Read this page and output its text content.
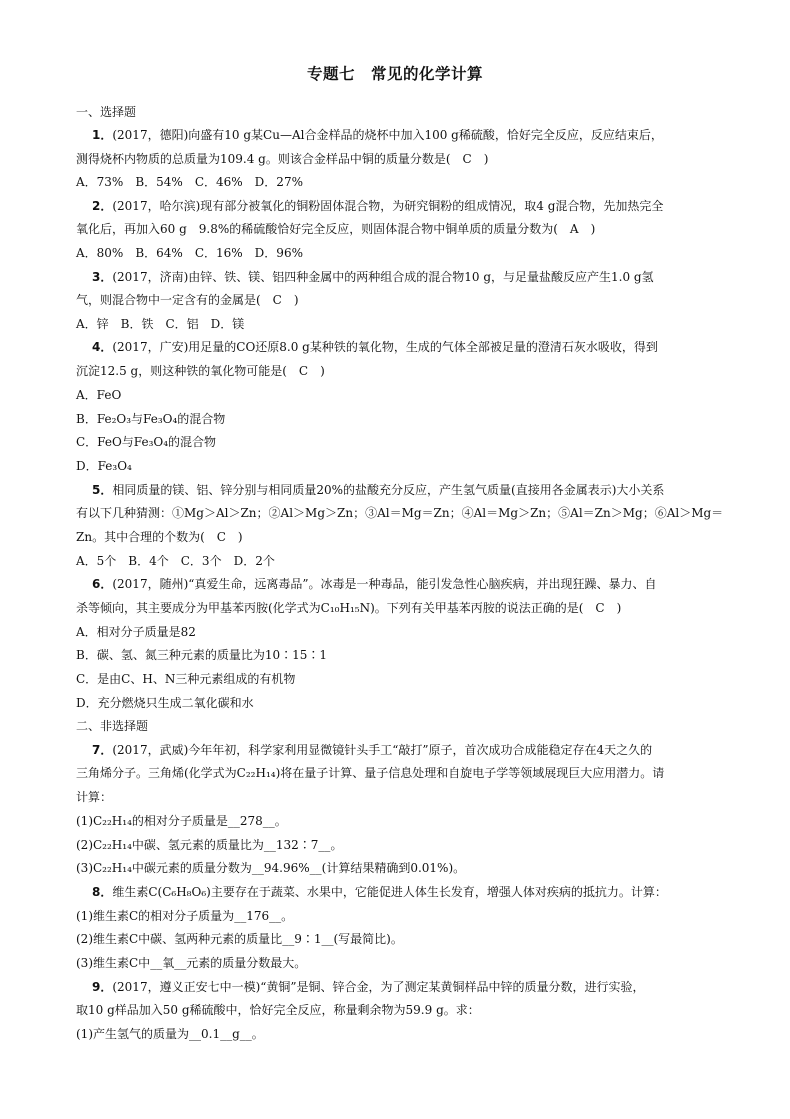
专题七　常见的化学计算
一、选择题
1．(2017，德阳)向盛有10 g某Cu—Al合金样品的烧杯中加入100 g稀硫酸，恰好完全反应，反应结束后，
测得烧杯内物质的总质量为109.4 g。则该合金样品中铜的质量分数是(　C　)
A．73%　B．54%　C．46%　D．27%
2．(2017，哈尔滨)现有部分被氧化的铜粉固体混合物，为研究铜粉的组成情况，取4 g混合物，先加热完全
氧化后，再加入60 g　9.8%的稀硫酸恰好完全反应，则固体混合物中铜单质的质量分数为(　A　)
A．80%　B．64%　C．16%　D．96%
3．(2017，济南)由锌、铁、镁、铝四种金属中的两种组合成的混合物10 g，与足量盐酸反应产生1.0 g氢
气，则混合物中一定含有的金属是(　C　)
A．锌　B．铁　C．铝　D．镁
4．(2017，广安)用足量的CO还原8.0 g某种铁的氧化物，生成的气体全部被足量的澄清石灰水吸收，得到
沉淀12.5 g，则这种铁的氧化物可能是(　C　)
A．FeO
B．Fe₂O₃与Fe₃O₄的混合物
C．FeO与Fe₃O₄的混合物
D．Fe₃O₄
5．相同质量的镁、铝、锌分别与相同质量20%的盐酸充分反应，产生氢气质量(直接用各金属表示)大小关系
有以下几种猜测：①Mg＞Al＞Zn；②Al＞Mg＞Zn；③Al＝Mg＝Zn；④Al＝Mg＞Zn；⑤Al＝Zn＞Mg；⑥Al＞Mg＝
Zn。其中合理的个数为(　C　)
A．5个　B．4个　C．3个　D．2个
6．(2017，随州)“真爱生命，远离毒品”。冰毒是一种毒品，能引发急性心脑疾病，并出现狂躁、暴力、自
杀等倾向，其主要成分为甲基苯丙胺(化学式为C₁₀H₁₅N)。下列有关甲基苯丙胺的说法正确的是(　C　)
A．相对分子质量是82
B．碳、氢、氮三种元素的质量比为10∶15∶1
C．是由C、H、N三种元素组成的有机物
D．充分燃烧只生成二氧化碳和水
二、非选择题
7．(2017，武威)今年年初，科学家利用显微镜针头手工“敲打”原子，首次成功合成能稳定存在4天之久的
三角烯分子。三角烯(化学式为C₂₂H₁₄)将在量子计算、量子信息处理和自旋电子学等领域展现巨大应用潜力。请
计算：
(1)C₂₂H₁₄的相对分子质量是__278__。
(2)C₂₂H₁₄中碳、氢元素的质量比为__132∶7__。
(3)C₂₂H₁₄中碳元素的质量分数为__94.96%__(计算结果精确到0.01%)。
8．维生素C(C₆H₈O₆)主要存在于蔬菜、水果中，它能促进人体生长发育，增强人体对疾病的抵抗力。计算：
(1)维生素C的相对分子质量为__176__。
(2)维生素C中碳、氢两种元素的质量比__9∶1__(写最简比)。
(3)维生素C中__氧__元素的质量分数最大。
9．(2017，遵义正安七中一模)“黄铜”是铜、锌合金，为了测定某黄铜样品中锌的质量分数，进行实验，
取10 g样品加入50 g稀硫酸中，恰好完全反应，称量剩余物为59.9 g。求：
(1)产生氢气的质量为__0.1__g__。
